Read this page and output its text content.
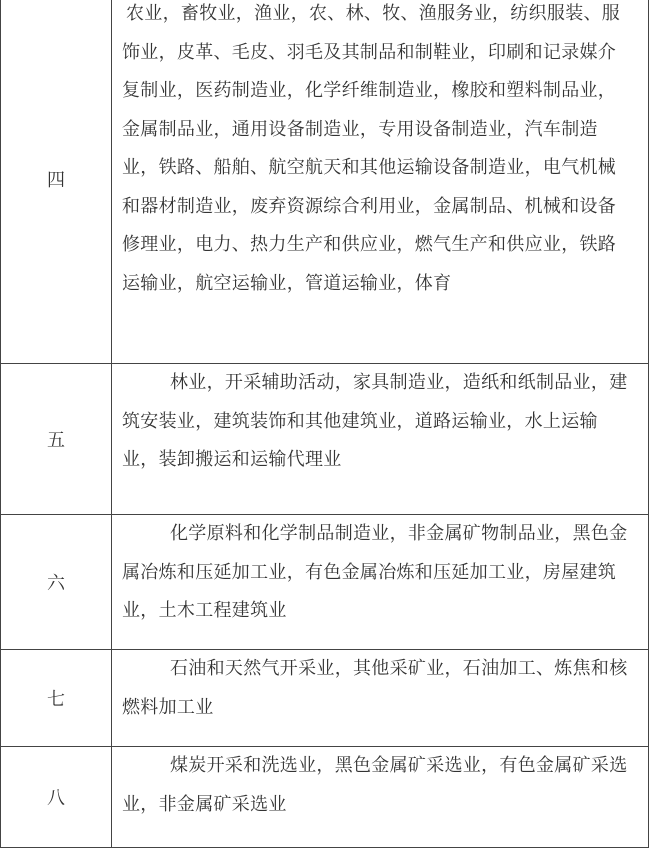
四	农业，畜牧业，渔业，农、林、牧、渔服务业，纺织服装、服饰业，皮革、毛皮、羽毛及其制品和制鞋业，印刷和记录媒介复制业，医药制造业，化学纤维制造业，橡胶和塑料制品业，金属制品业，通用设备制造业，专用设备制造业，汽车制造业，铁路、船舶、航空航天和其他运输设备制造业，电气机械和器材制造业，废弃资源综合利用业，金属制品、机械和设备修理业，电力、热力生产和供应业，燃气生产和供应业，铁路运输业，航空运输业，管道运输业，体育

五	林业，开采辅助活动，家具制造业，造纸和纸制品业，建筑安装业，建筑装饰和其他建筑业，道路运输业，水上运输业，装卸搬运和运输代理业

六	化学原料和化学制品制造业，非金属矿物制品业，黑色金属冶炼和压延加工业，有色金属冶炼和压延加工业，房屋建筑业，土木工程建筑业

七	石油和天然气开采业，其他采矿业，石油加工、炼焦和核燃料加工业

八	煤炭开采和洗选业，黑色金属矿采选业，有色金属矿采选业，非金属矿采选业
